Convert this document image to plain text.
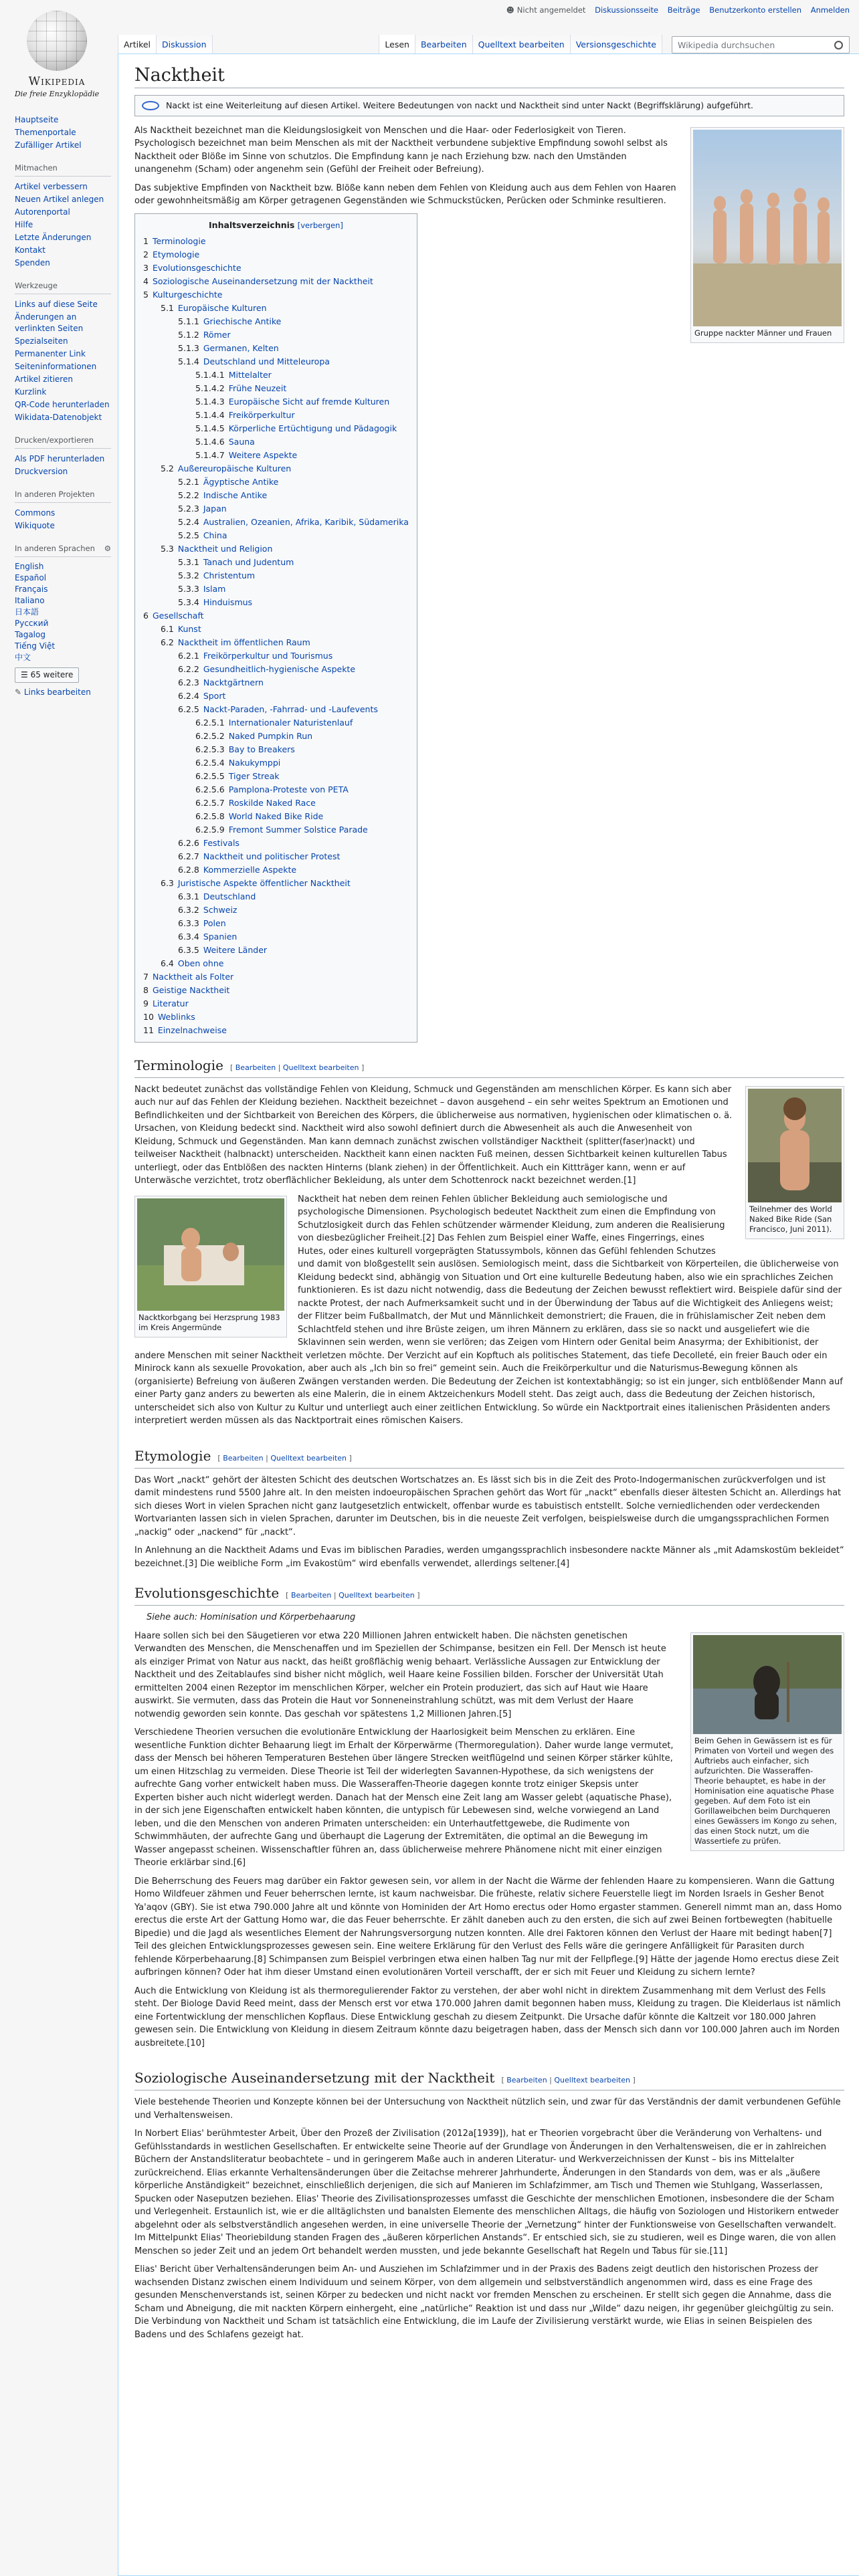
Wikipedia
Die freie Enzyklopädie
☻ Nicht angemeldet Diskussionsseite Beiträge Benutzerkonto erstellen Anmelden
Artikel	Diskussion	Lesen	Bearbeiten	Quelltext bearbeiten	Versionsgeschichte	Wikipedia durchsuchen
Hauptseite
Themenportale
Zufälliger Artikel
Mitmachen
Artikel verbessern
Neuen Artikel anlegen
Autorenportal
Hilfe
Letzte Änderungen
Kontakt
Spenden
Werkzeuge
Links auf diese Seite
Änderungen an verlinkten Seiten
Spezialseiten
Permanenter Link
Seiteninformationen
Artikel zitieren
Kurzlink
QR-Code herunterladen
Wikidata-Datenobjekt
Drucken/exportieren
Als PDF herunterladen
Druckversion
In anderen Projekten
Commons
Wikiquote
In anderen Sprachen ⚙
English
Español
Français
Italiano
日本語
Русский
Tagalog
Tiếng Việt
中文
☰ 65 weitere
✎ Links bearbeiten
Nacktheit
Nackt ist eine Weiterleitung auf diesen Artikel. Weitere Bedeutungen von nackt und Nacktheit sind unter Nackt (Begriffsklärung) aufgeführt.
Gruppe nackter Männer und Frauen

Als Nacktheit bezeichnet man die Kleidungslosigkeit von Menschen und die Haar- oder Federlosigkeit von Tieren. Psychologisch bezeichnet man beim Menschen als mit der Nacktheit verbundene subjektive Empfindung sowohl selbst als Nacktheit oder Blöße im Sinne von schutzlos. Die Empfindung kann je nach Erziehung bzw. nach den Umständen unangenehm (Scham) oder angenehm sein (Gefühl der Freiheit oder Befreiung).

Das subjektive Empfinden von Nacktheit bzw. Blöße kann neben dem Fehlen von Kleidung auch aus dem Fehlen von Haaren oder gewohnheitsmäßig am Körper getragenen Gegenständen wie Schmuckstücken, Perücken oder Schminke resultieren.

Inhaltsverzeichnis [verbergen]
1 Terminologie
2 Etymologie
3 Evolutionsgeschichte
4 Soziologische Auseinandersetzung mit der Nacktheit
5 Kulturgeschichte
5.1 Europäische Kulturen
5.1.1 Griechische Antike
5.1.2 Römer
5.1.3 Germanen, Kelten
5.1.4 Deutschland und Mitteleuropa
5.1.4.1 Mittelalter
5.1.4.2 Frühe Neuzeit
5.1.4.3 Europäische Sicht auf fremde Kulturen
5.1.4.4 Freikörperkultur
5.1.4.5 Körperliche Ertüchtigung und Pädagogik
5.1.4.6 Sauna
5.1.4.7 Weitere Aspekte
5.2 Außereuropäische Kulturen
5.2.1 Ägyptische Antike
5.2.2 Indische Antike
5.2.3 Japan
5.2.4 Australien, Ozeanien, Afrika, Karibik, Südamerika
5.2.5 China
5.3 Nacktheit und Religion
5.3.1 Tanach und Judentum
5.3.2 Christentum
5.3.3 Islam
5.3.4 Hinduismus
6 Gesellschaft
6.1 Kunst
6.2 Nacktheit im öffentlichen Raum
6.2.1 Freikörperkultur und Tourismus
6.2.2 Gesundheitlich-hygienische Aspekte
6.2.3 Nacktgärtnern
6.2.4 Sport
6.2.5 Nackt-Paraden, -Fahrrad- und -Laufevents
6.2.5.1 Internationaler Naturistenlauf
6.2.5.2 Naked Pumpkin Run
6.2.5.3 Bay to Breakers
6.2.5.4 Nakukymppi
6.2.5.5 Tiger Streak
6.2.5.6 Pamplona-Proteste von PETA
6.2.5.7 Roskilde Naked Race
6.2.5.8 World Naked Bike Ride
6.2.5.9 Fremont Summer Solstice Parade
6.2.6 Festivals
6.2.7 Nacktheit und politischer Protest
6.2.8 Kommerzielle Aspekte
6.3 Juristische Aspekte öffentlicher Nacktheit
6.3.1 Deutschland
6.3.2 Schweiz
6.3.3 Polen
6.3.4 Spanien
6.3.5 Weitere Länder
6.4 Oben ohne
7 Nacktheit als Folter
8 Geistige Nacktheit
9 Literatur
10 Weblinks
11 Einzelnachweise
Terminologie [ Bearbeiten | Quelltext bearbeiten ]
Teilnehmer des World Naked Bike Ride (San Francisco, Juni 2011).

Nackt bedeutet zunächst das vollständige Fehlen von Kleidung, Schmuck und Gegenständen am menschlichen Körper. Es kann sich aber auch nur auf das Fehlen der Kleidung beziehen. Nacktheit bezeichnet – davon ausgehend – ein sehr weites Spektrum an Emotionen und Befindlichkeiten und der Sichtbarkeit von Bereichen des Körpers, die üblicherweise aus normativen, hygienischen oder klimatischen o. ä. Ursachen, von Kleidung bedeckt sind. Nacktheit wird also sowohl definiert durch die Abwesenheit als auch die Anwesenheit von Kleidung, Schmuck und Gegenständen. Man kann demnach zunächst zwischen vollständiger Nacktheit (splitter(faser)nackt) und teilweiser Nacktheit (halbnackt) unterscheiden. Nacktheit kann einen nackten Fuß meinen, dessen Sichtbarkeit keinen kulturellen Tabus unterliegt, oder das Entblößen des nackten Hinterns (blank ziehen) in der Öffentlichkeit. Auch ein Kittträger kann, wenn er auf Unterwäsche verzichtet, trotz oberflächlicher Bekleidung, als unter dem Schottenrock nackt bezeichnet werden.[1]

Nacktkorbgang bei Herzsprung 1983 im Kreis Angermünde

Nacktheit hat neben dem reinen Fehlen üblicher Bekleidung auch semiologische und psychologische Dimensionen. Psychologisch bedeutet Nacktheit zum einen die Empfindung von Schutzlosigkeit durch das Fehlen schützender wärmender Kleidung, zum anderen die Realisierung von diesbezüglicher Freiheit.[2] Das Fehlen zum Beispiel einer Waffe, eines Fingerrings, eines Hutes, oder eines kulturell vorgeprägten Statussymbols, können das Gefühl fehlenden Schutzes und damit von bloßgestellt sein auslösen. Semiologisch meint, dass die Sichtbarkeit von Körperteilen, die üblicherweise von Kleidung bedeckt sind, abhängig von Situation und Ort eine kulturelle Bedeutung haben, also wie ein sprachliches Zeichen funktionieren. Es ist dazu nicht notwendig, dass die Bedeutung der Zeichen bewusst reflektiert wird. Beispiele dafür sind der nackte Protest, der nach Aufmerksamkeit sucht und in der Überwindung der Tabus auf die Wichtigkeit des Anliegens weist; der Flitzer beim Fußballmatch, der Mut und Männlichkeit demonstriert; die Frauen, die in frühislamischer Zeit neben dem Schlachtfeld stehen und ihre Brüste zeigen, um ihren Männern zu erklären, dass sie so nackt und ausgeliefert wie die Sklavinnen sein werden, wenn sie verlören; das Zeigen vom Hintern oder Genital beim Anasyrma; der Exhibitionist, der andere Menschen mit seiner Nacktheit verletzen möchte. Der Verzicht auf ein Kopftuch als politisches Statement, das tiefe Decolleté, ein freier Bauch oder ein Minirock kann als sexuelle Provokation, aber auch als „Ich bin so frei“ gemeint sein. Auch die Freikörperkultur und die Naturismus-Bewegung können als (organisierte) Befreiung von äußeren Zwängen verstanden werden. Die Bedeutung der Zeichen ist kontextabhängig; so ist ein junger, sich entblößender Mann auf einer Party ganz anders zu bewerten als eine Malerin, die in einem Aktzeichenkurs Modell steht. Das zeigt auch, dass die Bedeutung der Zeichen historisch, unterscheidet sich also von Kultur zu Kultur und unterliegt auch einer zeitlichen Entwicklung. So würde ein Nacktportrait eines italienischen Präsidenten anders interpretiert werden müssen als das Nacktportrait eines römischen Kaisers.

Etymologie [ Bearbeiten | Quelltext bearbeiten ]

Das Wort „nackt“ gehört der ältesten Schicht des deutschen Wortschatzes an. Es lässt sich bis in die Zeit des Proto-Indogermanischen zurückverfolgen und ist damit mindestens rund 5500 Jahre alt. In den meisten indoeuropäischen Sprachen gehört das Wort für „nackt“ ebenfalls dieser ältesten Schicht an. Allerdings hat sich dieses Wort in vielen Sprachen nicht ganz lautgesetzlich entwickelt, offenbar wurde es tabuistisch entstellt. Solche verniedlichenden oder verdeckenden Wortvarianten lassen sich in vielen Sprachen, darunter im Deutschen, bis in die neueste Zeit verfolgen, beispielsweise durch die umgangssprachlichen Formen „nackig“ oder „nackend“ für „nackt“.

In Anlehnung an die Nacktheit Adams und Evas im biblischen Paradies, werden umgangssprachlich insbesondere nackte Männer als „mit Adamskostüm bekleidet“ bezeichnet.[3] Die weibliche Form „im Evakostüm“ wird ebenfalls verwendet, allerdings seltener.[4]

Evolutionsgeschichte [ Bearbeiten | Quelltext bearbeiten ]

Siehe auch: Hominisation und Körperbehaarung

Beim Gehen in Gewässern ist es für Primaten von Vorteil und wegen des Auftriebs auch einfacher, sich aufzurichten. Die Wasseraffen-Theorie behauptet, es habe in der Hominisation eine aquatische Phase gegeben. Auf dem Foto ist ein Gorillaweibchen beim Durchqueren eines Gewässers im Kongo zu sehen, das einen Stock nutzt, um die Wassertiefe zu prüfen.

Haare sollen sich bei den Säugetieren vor etwa 220 Millionen Jahren entwickelt haben. Die nächsten genetischen Verwandten des Menschen, die Menschenaffen und im Speziellen der Schimpanse, besitzen ein Fell. Der Mensch ist heute als einziger Primat von Natur aus nackt, das heißt großflächig wenig behaart. Verlässliche Aussagen zur Entwicklung der Nacktheit und des Zeitablaufes sind bisher nicht möglich, weil Haare keine Fossilien bilden. Forscher der Universität Utah ermittelten 2004 einen Rezeptor im menschlichen Körper, welcher ein Protein produziert, das sich auf Haut wie Haare auswirkt. Sie vermuten, dass das Protein die Haut vor Sonneneinstrahlung schützt, was mit dem Verlust der Haare notwendig geworden sein konnte. Das geschah vor spätestens 1,2 Millionen Jahren.[5]

Verschiedene Theorien versuchen die evolutionäre Entwicklung der Haarlosigkeit beim Menschen zu erklären. Eine wesentliche Funktion dichter Behaarung liegt im Erhalt der Körperwärme (Thermoregulation). Daher wurde lange vermutet, dass der Mensch bei höheren Temperaturen Bestehen über längere Strecken weitflügelnd und seinen Körper stärker kühlte, um einen Hitzschlag zu vermeiden. Diese Theorie ist Teil der widerlegten Savannen-Hypothese, da sich wenigstens der aufrechte Gang vorher entwickelt haben muss. Die Wasseraffen-Theorie dagegen konnte trotz einiger Skepsis unter Experten bisher auch nicht widerlegt werden. Danach hat der Mensch eine Zeit lang am Wasser gelebt (aquatische Phase), in der sich jene Eigenschaften entwickelt haben könnten, die untypisch für Lebewesen sind, welche vorwiegend an Land leben, und die den Menschen von anderen Primaten unterscheiden: ein Unterhautfettgewebe, die Rudimente von Schwimmhäuten, der aufrechte Gang und überhaupt die Lagerung der Extremitäten, die optimal an die Bewegung im Wasser angepasst scheinen. Wissenschaftler führen an, dass üblicherweise mehrere Phänomene nicht mit einer einzigen Theorie erklärbar sind.[6]

Die Beherrschung des Feuers mag darüber ein Faktor gewesen sein, vor allem in der Nacht die Wärme der fehlenden Haare zu kompensieren. Wann die Gattung Homo Wildfeuer zähmen und Feuer beherrschen lernte, ist kaum nachweisbar. Die früheste, relativ sichere Feuerstelle liegt im Norden Israels in Gesher Benot Ya'aqov (GBY). Sie ist etwa 790.000 Jahre alt und könnte von Hominiden der Art Homo erectus oder Homo ergaster stammen. Generell nimmt man an, dass Homo erectus die erste Art der Gattung Homo war, die das Feuer beherrschte. Er zählt daneben auch zu den ersten, die sich auf zwei Beinen fortbewegten (habituelle Bipedie) und die Jagd als wesentliches Element der Nahrungsversorgung nutzen konnten. Alle drei Faktoren können den Verlust der Haare mit bedingt haben[7] Teil des gleichen Entwicklungsprozesses gewesen sein. Eine weitere Erklärung für den Verlust des Fells wäre die geringere Anfälligkeit für Parasiten durch fehlende Körperbehaarung.[8] Schimpansen zum Beispiel verbringen etwa einen halben Tag nur mit der Fellpflege.[9] Hätte der jagende Homo erectus diese Zeit aufbringen können? Oder hat ihm dieser Umstand einen evolutionären Vorteil verschafft, der er sich mit Feuer und Kleidung zu sichern lernte?

Auch die Entwicklung von Kleidung ist als thermoregulierender Faktor zu verstehen, der aber wohl nicht in direktem Zusammenhang mit dem Verlust des Fells steht. Der Biologe David Reed meint, dass der Mensch erst vor etwa 170.000 Jahren damit begonnen haben muss, Kleidung zu tragen. Die Kleiderlaus ist nämlich eine Fortentwicklung der menschlichen Kopflaus. Diese Entwicklung geschah zu diesem Zeitpunkt. Die Ursache dafür könnte die Kaltzeit vor 180.000 Jahren gewesen sein. Die Entwicklung von Kleidung in diesem Zeitraum könnte dazu beigetragen haben, dass der Mensch sich dann vor 100.000 Jahren auch im Norden ausbreitete.[10]

Soziologische Auseinandersetzung mit der Nacktheit [ Bearbeiten | Quelltext bearbeiten ]

Viele bestehende Theorien und Konzepte können bei der Untersuchung von Nacktheit nützlich sein, und zwar für das Verständnis der damit verbundenen Gefühle und Verhaltensweisen.

In Norbert Elias' berühmtester Arbeit, Über den Prozeß der Zivilisation (2012a[1939]), hat er Theorien vorgebracht über die Veränderung von Verhaltens- und Gefühlsstandards in westlichen Gesellschaften. Er entwickelte seine Theorie auf der Grundlage von Änderungen in den Verhaltensweisen, die er in zahlreichen Büchern der Anstandsliteratur beobachtete – und in geringerem Maße auch in anderen Literatur- und Werkverzeichnissen der Kunst – bis ins Mittelalter zurückreichend. Elias erkannte Verhaltensänderungen über die Zeitachse mehrerer Jahrhunderte, Änderungen in den Standards von dem, was er als „äußere körperliche Anständigkeit“ bezeichnet, einschließlich derjenigen, die sich auf Manieren im Schlafzimmer, am Tisch und Themen wie Stuhlgang, Wasserlassen, Spucken oder Naseputzen beziehen. Elias' Theorie des Zivilisationsprozesses umfasst die Geschichte der menschlichen Emotionen, insbesondere die der Scham und Verlegenheit. Erstaunlich ist, wie er die alltäglichsten und banalsten Elemente des menschlichen Alltags, die häufig von Soziologen und Historikern entweder abgelehnt oder als selbstverständlich angesehen werden, in eine universelle Theorie der „Vernetzung“ hinter der Funktionsweise von Gesellschaften verwandelt. Im Mittelpunkt Elias' Theoriebildung standen Fragen des „äußeren körperlichen Anstands“. Er entschied sich, sie zu studieren, weil es Dinge waren, die von allen Menschen so jeder Zeit und an jedem Ort behandelt werden mussten, und jede bekannte Gesellschaft hat Regeln und Tabus für sie.[11]

Elias' Bericht über Verhaltensänderungen beim An- und Ausziehen im Schlafzimmer und in der Praxis des Badens zeigt deutlich den historischen Prozess der wachsenden Distanz zwischen einem Individuum und seinem Körper, von dem allgemein und selbstverständlich angenommen wird, dass es eine Frage des gesunden Menschenverstands ist, seinen Körper zu bedecken und nicht nackt vor fremden Menschen zu erscheinen. Er stellt sich gegen die Annahme, dass die Scham und Abneigung, die mit nackten Körpern einhergeht, eine „natürliche“ Reaktion ist und dass nur „Wilde“ dazu neigen, ihr gegenüber gleichgültig zu sein. Die Verbindung von Nacktheit und Scham ist tatsächlich eine Entwicklung, die im Laufe der Zivilisierung verstärkt wurde, wie Elias in seinen Beispielen des Badens und des Schlafens gezeigt hat.
